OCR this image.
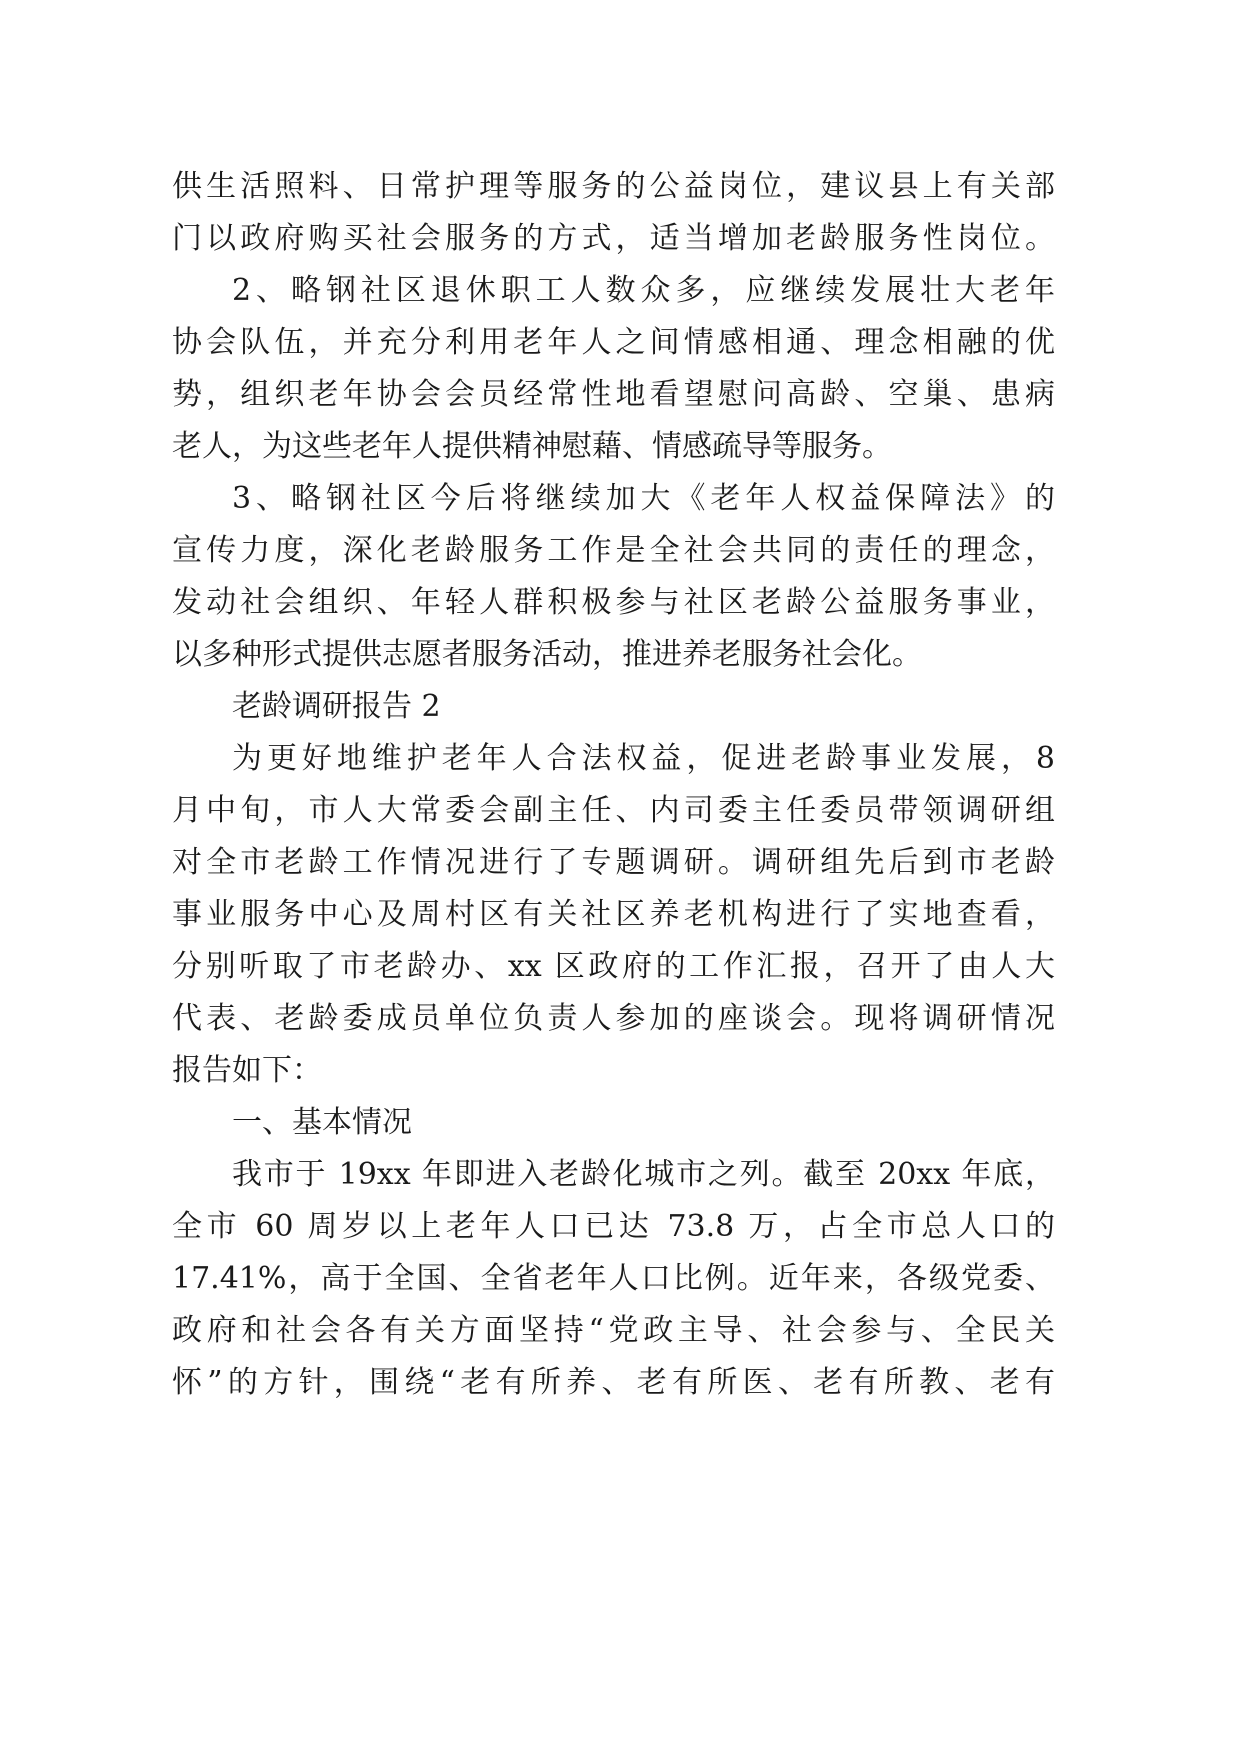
供生活照料、日常护理等服务的公益岗位，建议县上有关部
门以政府购买社会服务的方式，适当增加老龄服务性岗位。
2、略钢社区退休职工人数众多，应继续发展壮大老年
协会队伍，并充分利用老年人之间情感相通、理念相融的优
势，组织老年协会会员经常性地看望慰问高龄、空巢、患病
老人，为这些老年人提供精神慰藉、情感疏导等服务。
3、略钢社区今后将继续加大《老年人权益保障法》的
宣传力度，深化老龄服务工作是全社会共同的责任的理念，
发动社会组织、年轻人群积极参与社区老龄公益服务事业，
以多种形式提供志愿者服务活动，推进养老服务社会化。
老龄调研报告 2
为更好地维护老年人合法权益，促进老龄事业发展，8
月中旬，市人大常委会副主任、内司委主任委员带领调研组
对全市老龄工作情况进行了专题调研。调研组先后到市老龄
事业服务中心及周村区有关社区养老机构进行了实地查看，
分别听取了市老龄办、xx 区政府的工作汇报，召开了由人大
代表、老龄委成员单位负责人参加的座谈会。现将调研情况
报告如下：
一、基本情况
我市于 19xx 年即进入老龄化城市之列。截至 20xx 年底，
全市 60 周岁以上老年人口已达 73.8 万，占全市总人口的
17.41%，高于全国、全省老年人口比例。近年来，各级党委、
政府和社会各有关方面坚持“党政主导、社会参与、全民关
怀”的方针，围绕“老有所养、老有所医、老有所教、老有
